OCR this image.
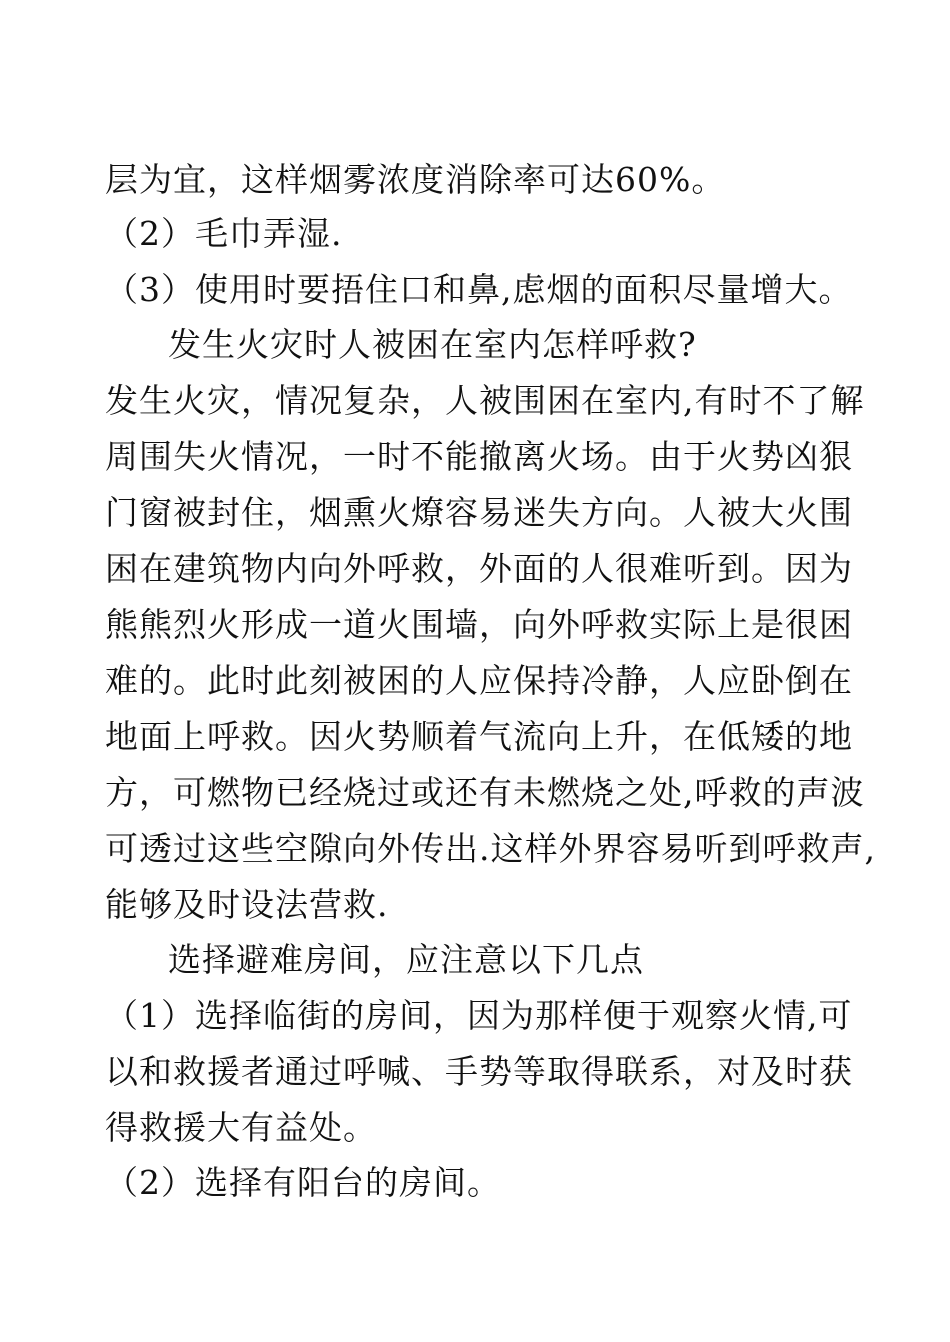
层为宜，这样烟雾浓度消除率可达60%。
（2）毛巾弄湿.
（3）使用时要捂住口和鼻,虑烟的面积尽量增大。
发生火灾时人被困在室内怎样呼救?
发生火灾，情况复杂，人被围困在室内,有时不了解
周围失火情况，一时不能撤离火场。由于火势凶狠
门窗被封住，烟熏火燎容易迷失方向。人被大火围
困在建筑物内向外呼救，外面的人很难听到。因为
熊熊烈火形成一道火围墙，向外呼救实际上是很困
难的。此时此刻被困的人应保持冷静，人应卧倒在
地面上呼救。因火势顺着气流向上升，在低矮的地
方，可燃物已经烧过或还有未燃烧之处,呼救的声波
可透过这些空隙向外传出.这样外界容易听到呼救声,
能够及时设法营救.
选择避难房间，应注意以下几点
（1）选择临街的房间，因为那样便于观察火情,可
以和救援者通过呼喊、手势等取得联系，对及时获
得救援大有益处。
（2）选择有阳台的房间。
